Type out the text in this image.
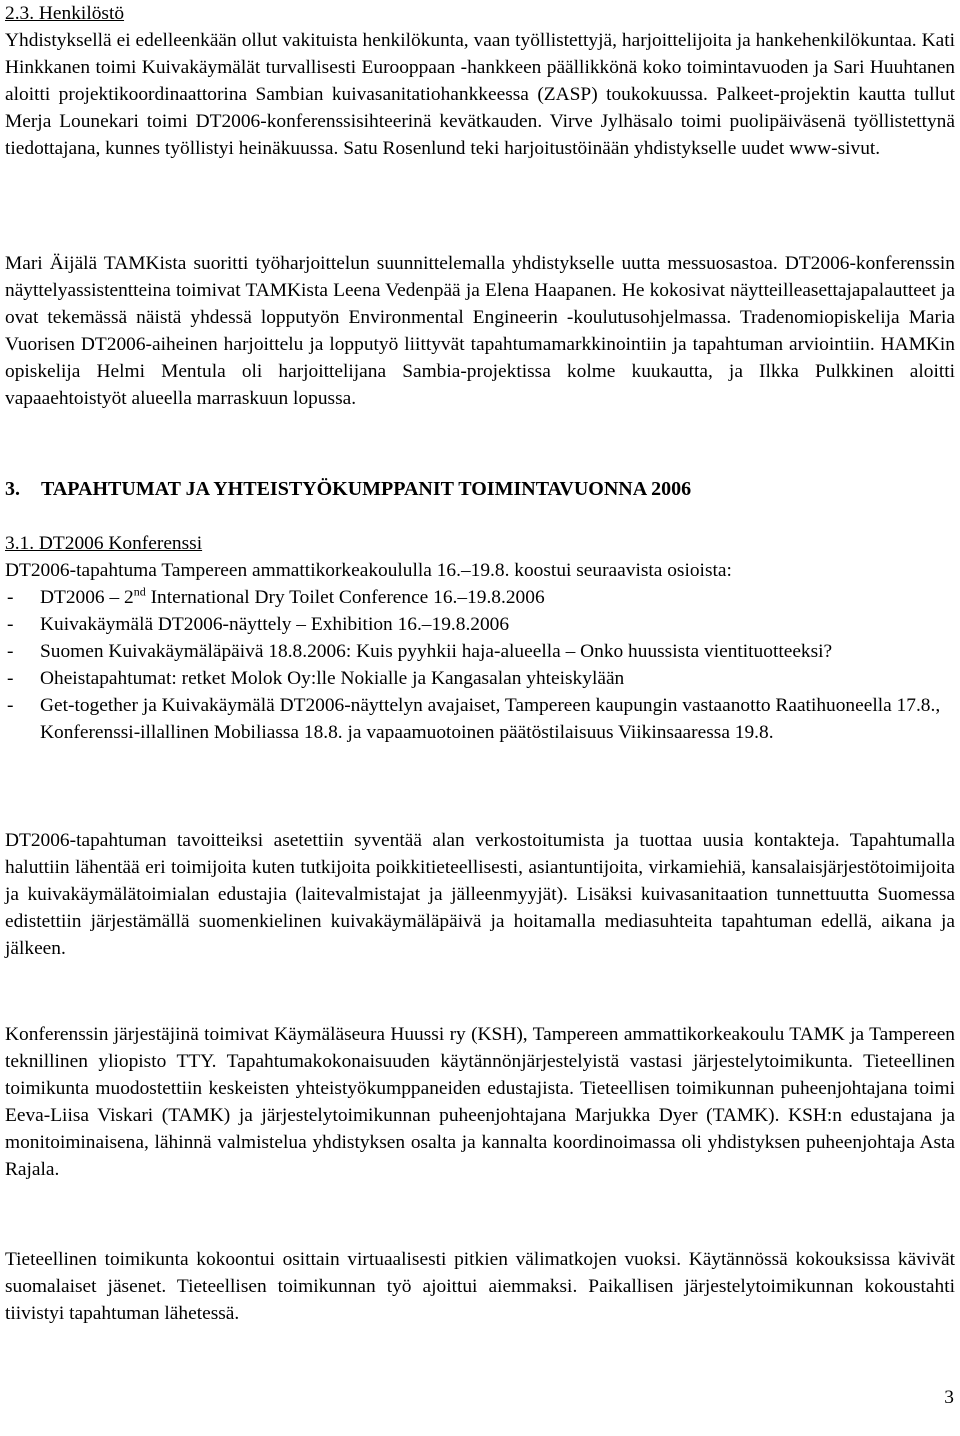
2.3. Henkilöstö

Yhdistyksellä ei edelleenkään ollut vakituista henkilökunta, vaan työllistettyjä, harjoittelijoita ja hankehenkilökuntaa. Kati Hinkkanen toimi Kuivakäymälät turvallisesti Eurooppaan -hankkeen päällikkönä koko toimintavuoden ja Sari Huuhtanen aloitti projektikoordinaattorina Sambian kuivasanitatiohankkeessa (ZASP) toukokuussa. Palkeet-projektin kautta tullut Merja Lounekari toimi DT2006-konferenssisihteerinä kevätkauden. Virve Jylhäsalo toimi puolipäiväsenä työllistettynä tiedottajana, kunnes työllistyi heinäkuussa. Satu Rosenlund teki harjoitustöinään yhdistykselle uudet www-sivut.

Mari Äijälä TAMKista suoritti työharjoittelun suunnittelemalla yhdistykselle uutta messuosastoa. DT2006-konferenssin näyttelyassistentteina toimivat TAMKista Leena Vedenpää ja Elena Haapanen. He kokosivat näytteilleasettajapalautteet ja ovat tekemässä näistä yhdessä lopputyön Environmental Engineerin -koulutusohjelmassa. Tradenomiopiskelija Maria Vuorisen DT2006-aiheinen harjoittelu ja lopputyö liittyvät tapahtumamarkkinointiin ja tapahtuman arviointiin. HAMKin opiskelija Helmi Mentula oli harjoittelijana Sambia-projektissa kolme kuukautta, ja Ilkka Pulkkinen aloitti vapaaehtoistyöt alueella marraskuun lopussa.

3. TAPAHTUMAT JA YHTEISTYÖKUMPPANIT TOIMINTAVUONNA 2006
3.1. DT2006 Konferenssi
DT2006-tapahtuma Tampereen ammattikorkeakoululla 16.–19.8. koostui seuraavista osioista:
- DT2006 – 2nd International Dry Toilet Conference 16.–19.8.2006
- Kuivakäymälä DT2006-näyttely – Exhibition 16.–19.8.2006
- Suomen Kuivakäymäläpäivä 18.8.2006: Kuis pyyhkii haja-alueella – Onko huussista vientituotteeksi?
- Oheistapahtumat: retket Molok Oy:lle Nokialle ja Kangasalan yhteiskylään
- Get-together ja Kuivakäymälä DT2006-näyttelyn avajaiset, Tampereen kaupungin vastaanotto Raatihuoneella 17.8., Konferenssi-illallinen Mobiliassa 18.8. ja vapaamuotoinen päätöstilaisuus Viikinsaaressa 19.8.

DT2006-tapahtuman tavoitteiksi asetettiin syventää alan verkostoitumista ja tuottaa uusia kontakteja. Tapahtumalla haluttiin lähentää eri toimijoita kuten tutkijoita poikkitieteellisesti, asiantuntijoita, virkamiehiä, kansalaisjärjestötoimijoita ja kuivakäymälätoimialan edustajia (laitevalmistajat ja jälleenmyyjät). Lisäksi kuivasanitaation tunnettuutta Suomessa edistettiin järjestämällä suomenkielinen kuivakäymäläpäivä ja hoitamalla mediasuhteita tapahtuman edellä, aikana ja jälkeen.

Konferenssin järjestäjinä toimivat Käymäläseura Huussi ry (KSH), Tampereen ammattikorkeakoulu TAMK ja Tampereen teknillinen yliopisto TTY. Tapahtumakokonaisuuden käytännönjärjestelyistä vastasi järjestelytoimikunta. Tieteellinen toimikunta muodostettiin keskeisten yhteistyökumppaneiden edustajista. Tieteellisen toimikunnan puheenjohtajana toimi Eeva-Liisa Viskari (TAMK) ja järjestelytoimikunnan puheenjohtajana Marjukka Dyer (TAMK). KSH:n edustajana ja monitoiminaisena, lähinnä valmistelua yhdistyksen osalta ja kannalta koordinoimassa oli yhdistyksen puheenjohtaja Asta Rajala.

Tieteellinen toimikunta kokoontui osittain virtuaalisesti pitkien välimatkojen vuoksi. Käytännössä kokouksissa kävivät suomalaiset jäsenet. Tieteellisen toimikunnan työ ajoittui aiemmaksi. Paikallisen järjestelytoimikunnan kokoustahti tiivistyi tapahtuman lähetessä.

3
